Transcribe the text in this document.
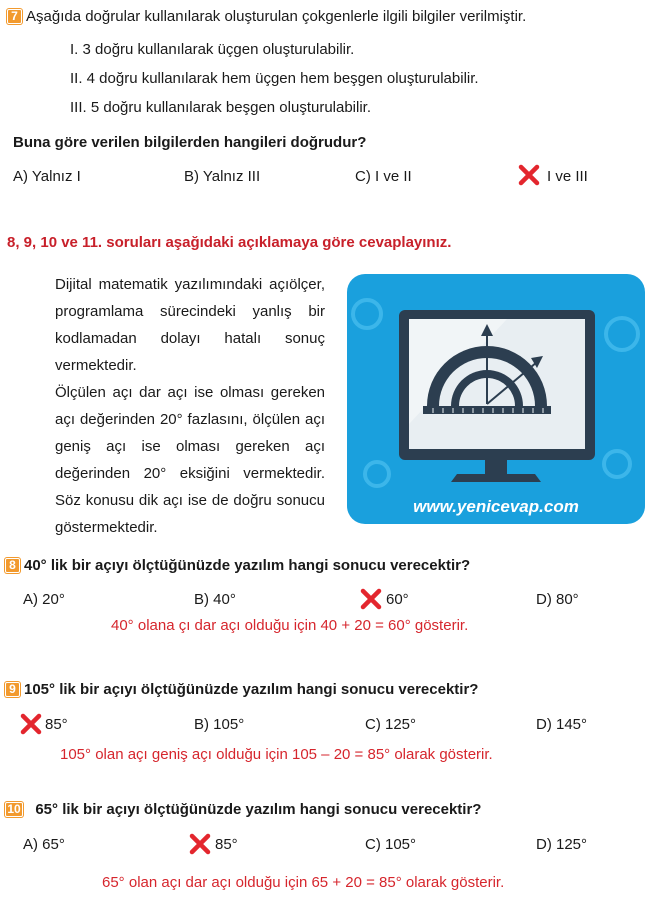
7 Aşağıda doğrular kullanılarak oluşturulan çokgenlerle ilgili bilgiler verilmiştir.
I. 3 doğru kullanılarak üçgen oluşturulabilir.
II. 4 doğru kullanılarak hem üçgen hem beşgen oluşturulabilir.
III. 5 doğru kullanılarak beşgen oluşturulabilir.
Buna göre verilen bilgilerden hangileri doğrudur?
A) Yalnız I	B) Yalnız III	C) I ve II	I ve III
8, 9, 10 ve 11. soruları aşağıdaki açıklamaya göre cevaplayınız.

Dijital matematik yazılımındaki açıölçer, programlama sürecindeki yanlış bir kodlamadan dolayı hatalı sonuç vermektedir.

Ölçülen açı dar açı ise olması gereken açı değerinden 20° fazlasını, ölçülen açı geniş açı ise olması gereken açı değerinden 20° eksiğini vermektedir. Söz konusu dik açı ise de doğru sonucu göstermektedir.

www.yenicevap.com
8 40° lik bir açıyı ölçtüğünüzde yazılım hangi sonucu verecektir?
A) 20°	B) 40°	60°	D) 80°
40° olana çı dar açı olduğu için 40 + 20 = 60° gösterir.
9 105° lik bir açıyı ölçtüğünüzde yazılım hangi sonucu verecektir?
85°	B) 105°	C) 125°	D) 145°
105° olan açı geniş açı olduğu için 105 – 20 = 85° olarak gösterir.
10 65° lik bir açıyı ölçtüğünüzde yazılım hangi sonucu verecektir?
A) 65°	85°	C) 105°	D) 125°
65° olan açı dar açı olduğu için 65 + 20 = 85° olarak gösterir.
